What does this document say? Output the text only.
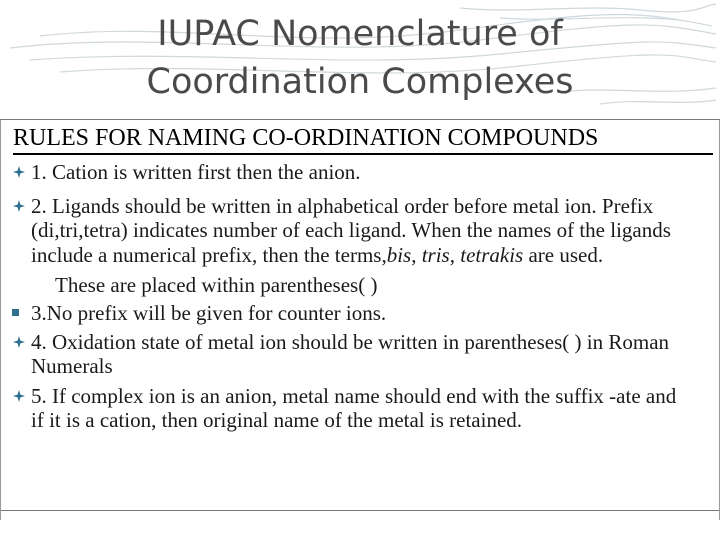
IUPAC Nomenclature of
Coordination Complexes
RULES FOR NAMING CO-ORDINATION COMPOUNDS
1. Cation is written first then the anion.
2. Ligands should be written in alphabetical order before metal ion. Prefix (di,tri,tetra) indicates number of each ligand. When the names of the ligands include a numerical prefix, then the terms,bis, tris, tetrakis are used.
These are placed within parentheses( )
3.No prefix will be given for counter ions.
4. Oxidation state of metal ion should be written in parentheses( ) in Roman Numerals
5. If complex ion is an anion, metal name should end with the suffix -ate and if it is a cation, then original name of the metal is retained.
